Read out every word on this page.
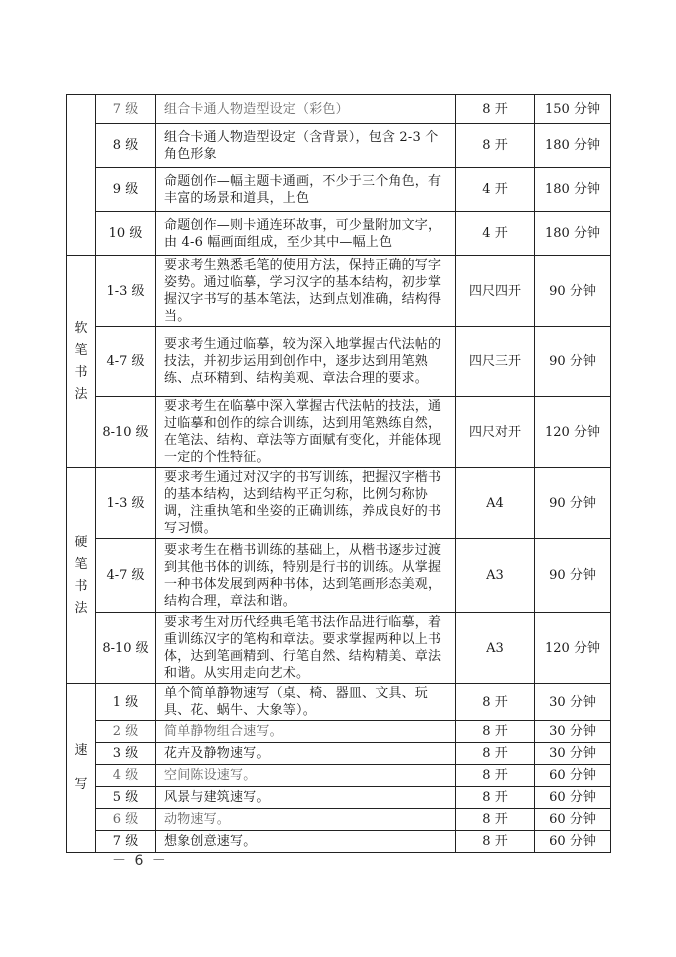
	7 级	组合卡通人物造型设定（彩色）	8 开	150 分钟
	8 级	组合卡通人物造型设定（含背景），包含 2-3 个角色形象	8 开	180 分钟
	9 级	命题创作—幅主题卡通画，不少于三个角色，有丰富的场景和道具，上色	4 开	180 分钟
	10 级	命题创作—则卡通连环故事，可少量附加文字，由 4-6 幅画面组成，至少其中—幅上色	4 开	180 分钟
软笔书法	1-3 级	要求考生熟悉毛笔的使用方法，保持正确的写字姿势。通过临摹，学习汉字的基本结构，初步掌握汉字书写的基本笔法，达到点划准确，结构得当。	四尺四开	90 分钟
	4-7 级	要求考生通过临摹，较为深入地掌握古代法帖的技法，并初步运用到创作中，逐步达到用笔熟练、点环精到、结构美观、章法合理的要求。	四尺三开	90 分钟
	8-10 级	要求考生在临摹中深入掌握古代法帖的技法，通过临摹和创作的综合训练，达到用笔熟练自然，在笔法、结构、章法等方面赋有变化，并能体现一定的个性特征。	四尺对开	120 分钟
硬笔书法	1-3 级	要求考生通过对汉字的书写训练，把握汉字楷书的基本结构，达到结构平正匀称，比例匀称协调，注重执笔和坐姿的正确训练，养成良好的书写习惯。	A4	90 分钟
	4-7 级	要求考生在楷书训练的基础上，从楷书逐步过渡到其他书体的训练，特别是行书的训练。从掌握一种书体发展到两种书体，达到笔画形态美观，结构合理，章法和谐。	A3	90 分钟
	8-10 级	要求考生对历代经典毛笔书法作品进行临摹，着重训练汉字的笔构和章法。要求掌握两种以上书体，达到笔画精到、行笔自然、结构精美、章法和谐。从实用走向艺术。	A3	120 分钟
速写	1 级	单个简单静物速写（桌、椅、器皿、文具、玩具、花、蜗牛、大象等）。	8 开	30 分钟
	2 级	简单静物组合速写。	8 开	30 分钟
	3 级	花卉及静物速写。	8 开	30 分钟
	4 级	空间陈设速写。	8 开	60 分钟
	5 级	风景与建筑速写。	8 开	60 分钟
	6 级	动物速写。	8 开	60 分钟
	7 级	想象创意速写。	8 开	60 分钟
－ 6 －
